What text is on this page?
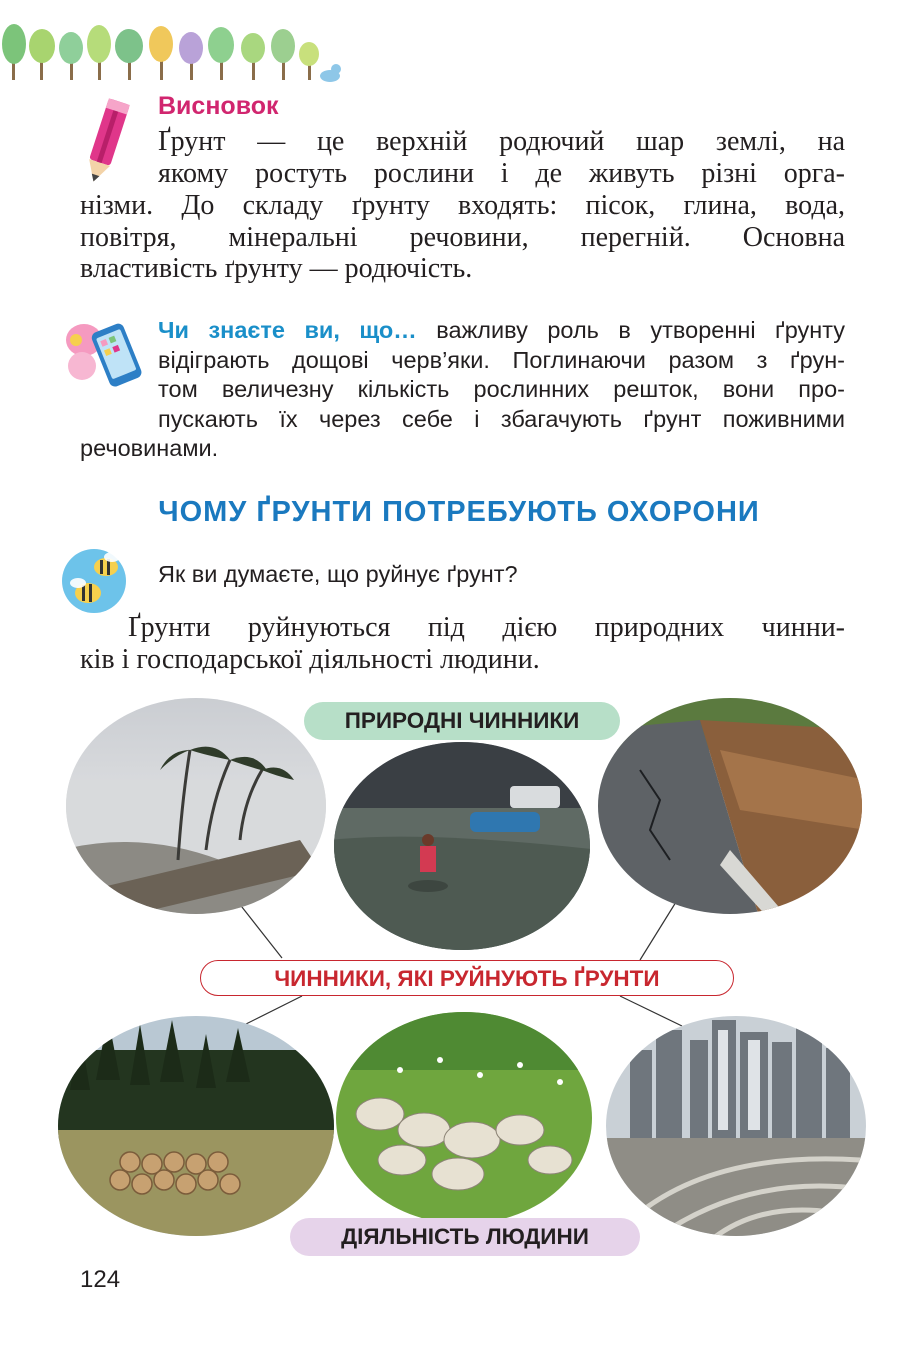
Висновок
Ґрунт — це верхній родючий шар землі, на
якому ростуть рослини і де живуть різні орга-
нізми. До складу ґрунту входять: пісок, глина, вода,
повітря, мінеральні речовини, перегній. Основна
властивість ґрунту — родючість.
Чи знаєте ви, що… важливу роль в утворенні ґрунту
відіграють дощові черв’яки. Поглинаючи разом з ґрун-
том величезну кількість рослинних решток, вони про-
пускають їх через себе і збагачують ґрунт поживними
речовинами.
ЧОМУ ҐРУНТИ ПОТРЕБУЮТЬ ОХОРОНИ
Як ви думаєте, що руйнує ґрунт?
Ґрунти руйнуються під дією природних чинни-
ків і господарської діяльності людини.
ПРИРОДНІ ЧИННИКИ
ЧИННИКИ, ЯКІ РУЙНУЮТЬ ҐРУНТИ
ДІЯЛЬНІСТЬ ЛЮДИНИ
124
